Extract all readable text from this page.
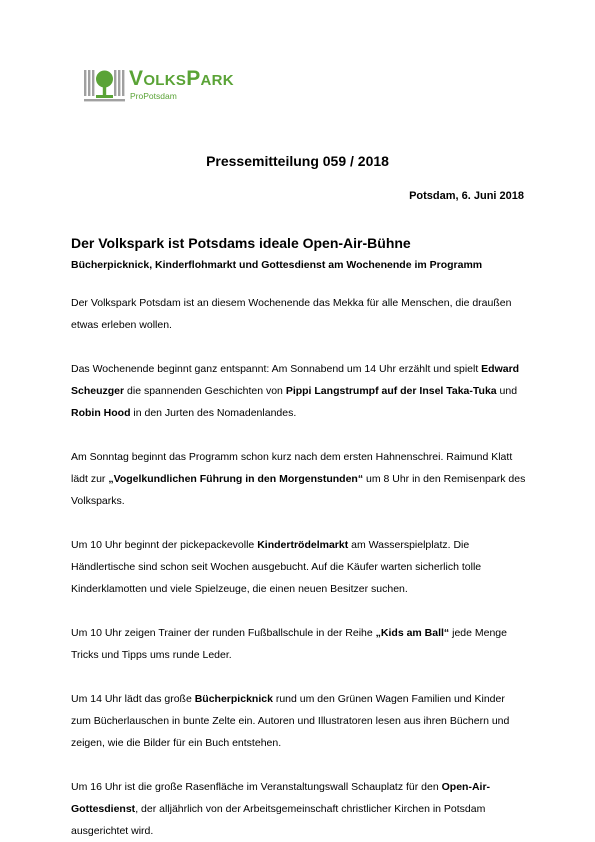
VOLKSPARK
ProPotsdam
Pressemitteilung 059 / 2018
Potsdam, 6. Juni 2018
Der Volkspark ist Potsdams ideale Open-Air-Bühne
Bücherpicknick, Kinderflohmarkt und Gottesdienst am Wochenende im Programm

Der Volkspark Potsdam ist an diesem Wochenende das Mekka für alle Menschen, die draußen etwas erleben wollen.

Das Wochenende beginnt ganz entspannt: Am Sonnabend um 14 Uhr erzählt und spielt Edward Scheuzger die spannenden Geschichten von Pippi Langstrumpf auf der Insel Taka-Tuka und Robin Hood in den Jurten des Nomadenlandes.

Am Sonntag beginnt das Programm schon kurz nach dem ersten Hahnenschrei. Raimund Klatt lädt zur „Vogelkundlichen Führung in den Morgenstunden“ um 8 Uhr in den Remisenpark des Volksparks.

Um 10 Uhr beginnt der pickepackevolle Kindertrödelmarkt am Wasserspielplatz. Die Händlertische sind schon seit Wochen ausgebucht. Auf die Käufer warten sicherlich tolle Kinderklamotten und viele Spielzeuge, die einen neuen Besitzer suchen.

Um 10 Uhr zeigen Trainer der runden Fußballschule in der Reihe „Kids am Ball“ jede Menge Tricks und Tipps ums runde Leder.

Um 14 Uhr lädt das große Bücherpicknick rund um den Grünen Wagen Familien und Kinder zum Bücherlauschen in bunte Zelte ein. Autoren und Illustratoren lesen aus ihren Büchern und zeigen, wie die Bilder für ein Buch entstehen.

Um 16 Uhr ist die große Rasenfläche im Veranstaltungswall Schauplatz für den Open-Air-Gottesdienst, der alljährlich von der Arbeitsgemeinschaft christlicher Kirchen in Potsdam ausgerichtet wird.
